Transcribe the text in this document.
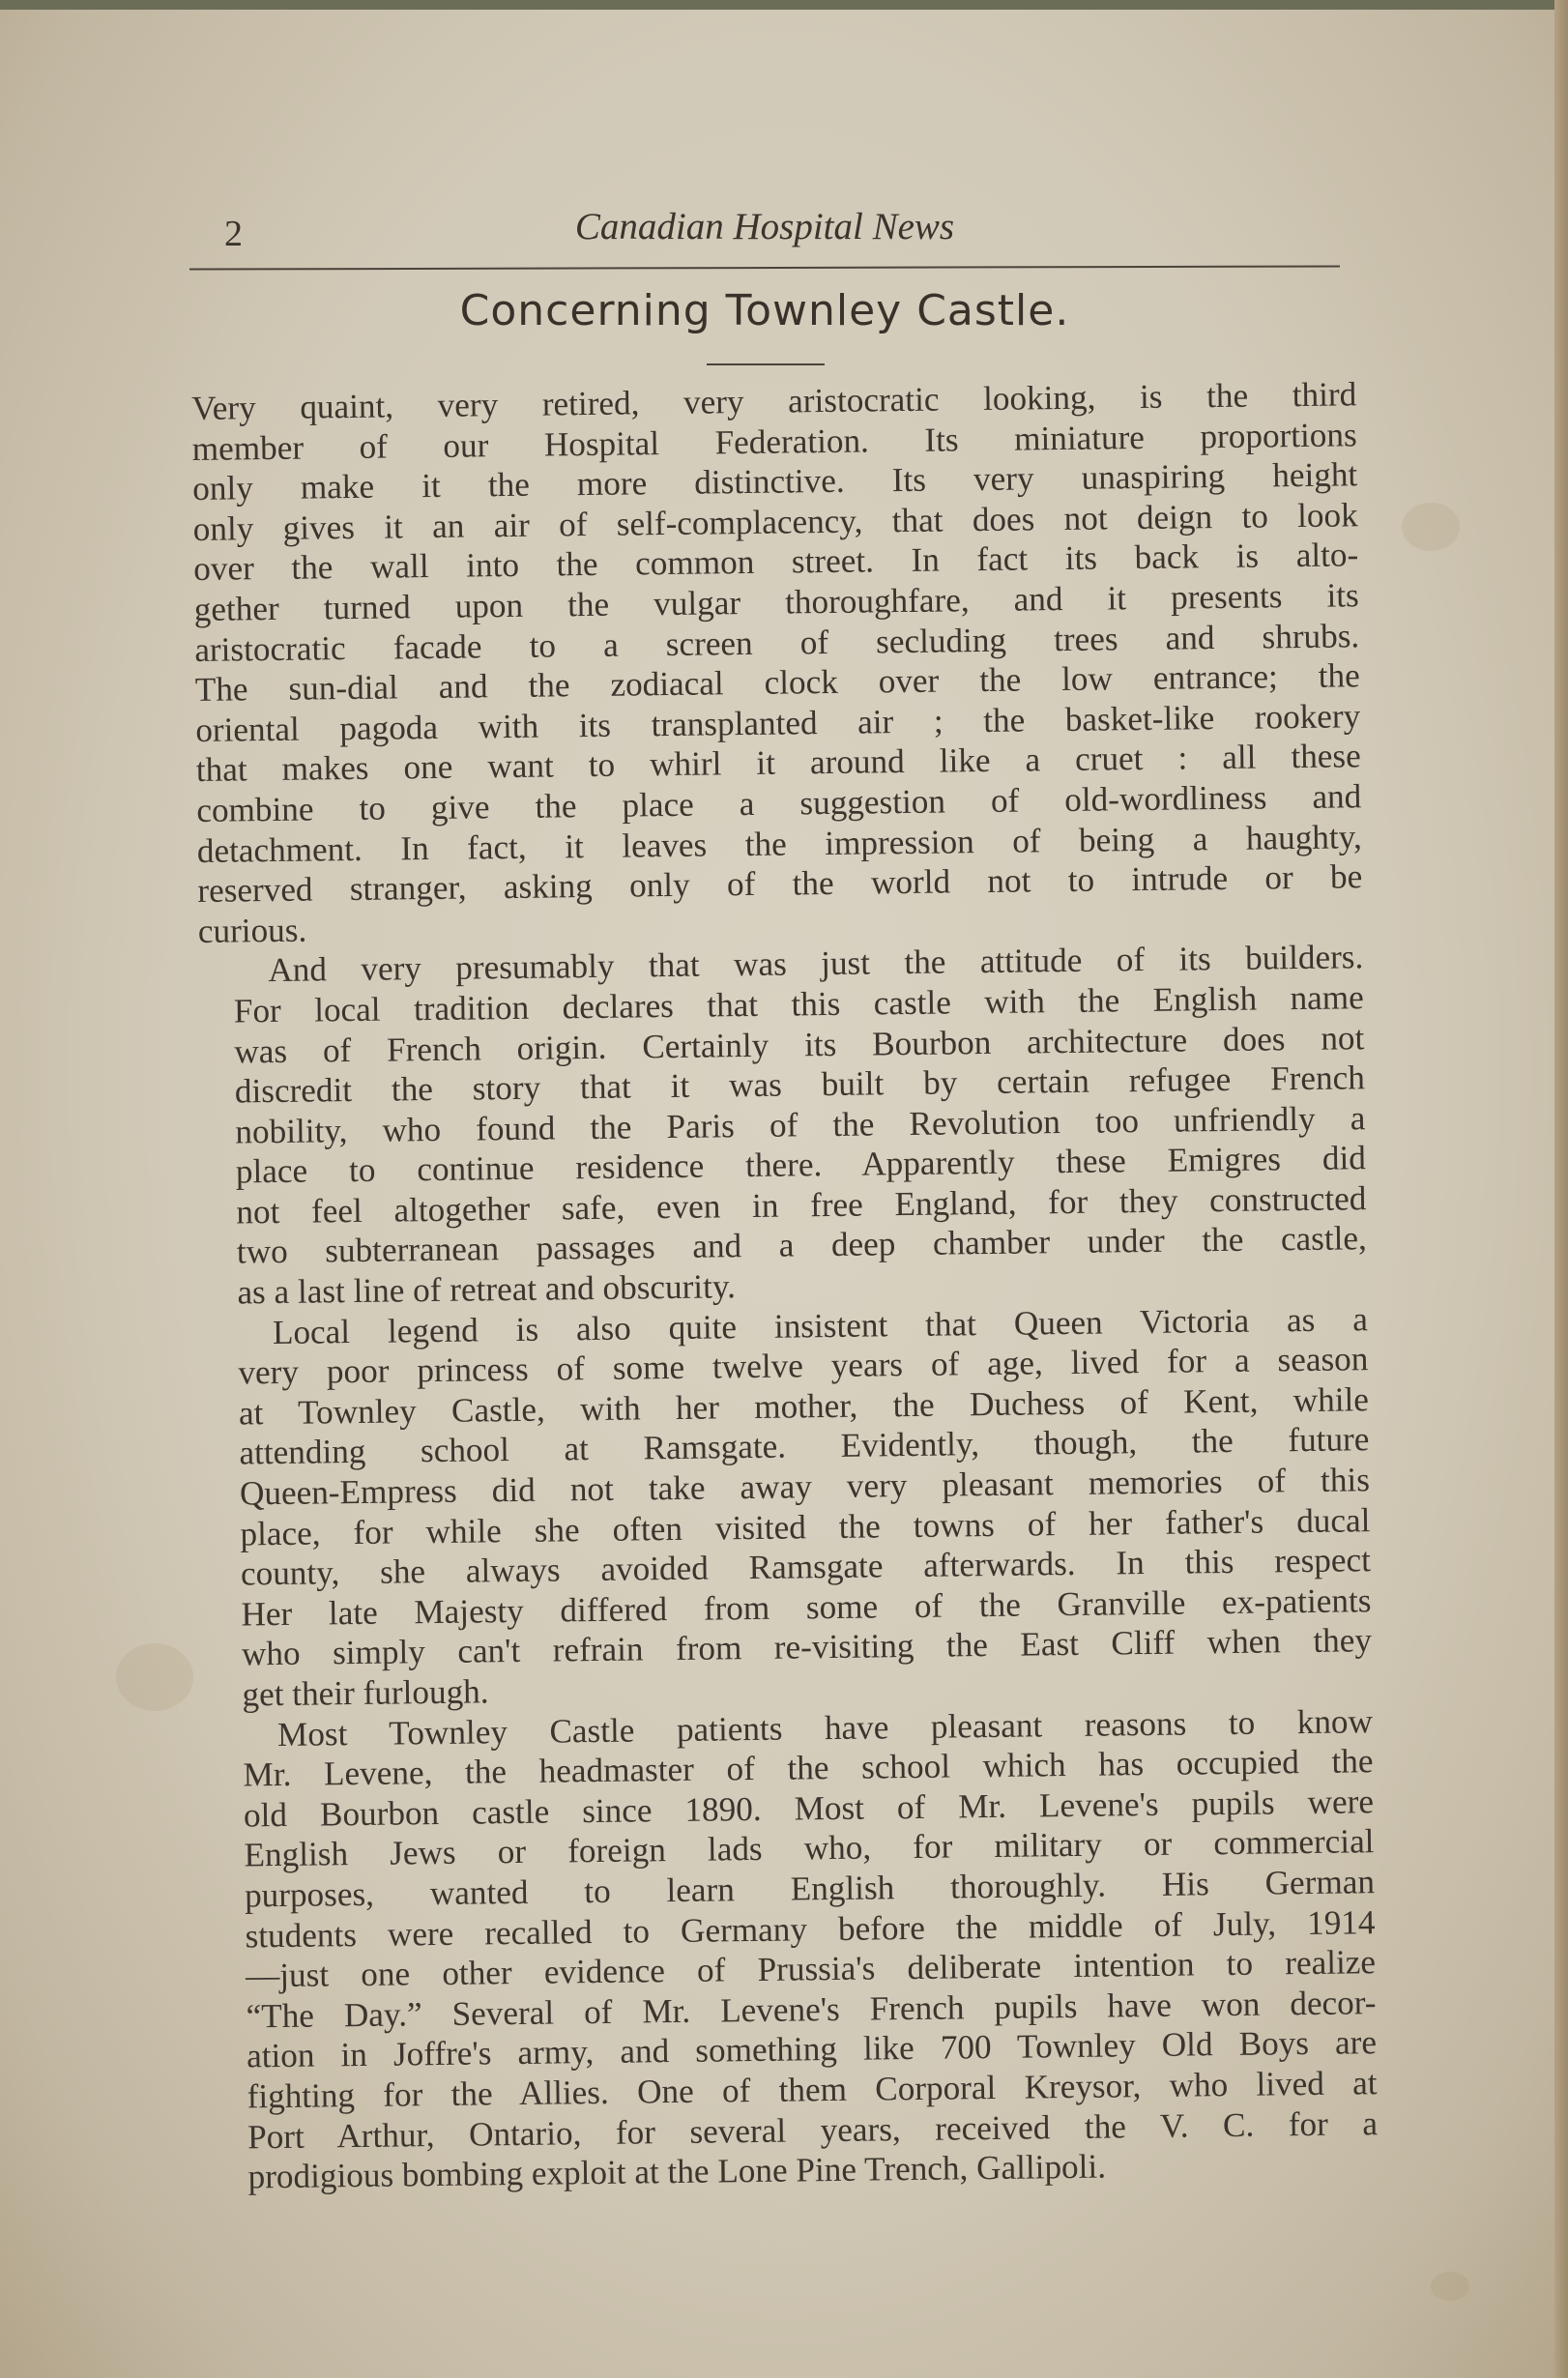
2	Canadian Hospital News
Concerning Townley Castle.

Very quaint, very retired, very aristocratic looking, is the third
member of our Hospital Federation. Its miniature proportions
only make it the more distinctive. Its very unaspiring height
only gives it an air of self-complacency, that does not deign to look
over the wall into the common street. In fact its back is alto-
gether turned upon the vulgar thoroughfare, and it presents its
aristocratic facade to a screen of secluding trees and shrubs.
The sun-dial and the zodiacal clock over the low entrance; the
oriental pagoda with its transplanted air ; the basket-like rookery
that makes one want to whirl it around like a cruet : all these
combine to give the place a suggestion of old-wordliness and
detachment. In fact, it leaves the impression of being a haughty,
reserved stranger, asking only of the world not to intrude or be
curious.

And very presumably that was just the attitude of its builders.
For local tradition declares that this castle with the English name
was of French origin. Certainly its Bourbon architecture does not
discredit the story that it was built by certain refugee French
nobility, who found the Paris of the Revolution too unfriendly a
place to continue residence there. Apparently these Emigres did
not feel altogether safe, even in free England, for they constructed
two subterranean passages and a deep chamber under the castle,
as a last line of retreat and obscurity.

Local legend is also quite insistent that Queen Victoria as a
very poor princess of some twelve years of age, lived for a season
at Townley Castle, with her mother, the Duchess of Kent, while
attending school at Ramsgate. Evidently, though, the future
Queen-Empress did not take away very pleasant memories of this
place, for while she often visited the towns of her father's ducal
county, she always avoided Ramsgate afterwards. In this respect
Her late Majesty differed from some of the Granville ex-patients
who simply can't refrain from re-visiting the East Cliff when they
get their furlough.

Most Townley Castle patients have pleasant reasons to know
Mr. Levene, the headmaster of the school which has occupied the
old Bourbon castle since 1890. Most of Mr. Levene's pupils were
English Jews or foreign lads who, for military or commercial
purposes, wanted to learn English thoroughly. His German
students were recalled to Germany before the middle of July, 1914
—just one other evidence of Prussia's deliberate intention to realize
“The Day.” Several of Mr. Levene's French pupils have won decor-
ation in Joffre's army, and something like 700 Townley Old Boys are
fighting for the Allies. One of them Corporal Kreysor, who lived at
Port Arthur, Ontario, for several years, received the V. C. for a
prodigious bombing exploit at the Lone Pine Trench, Gallipoli.
